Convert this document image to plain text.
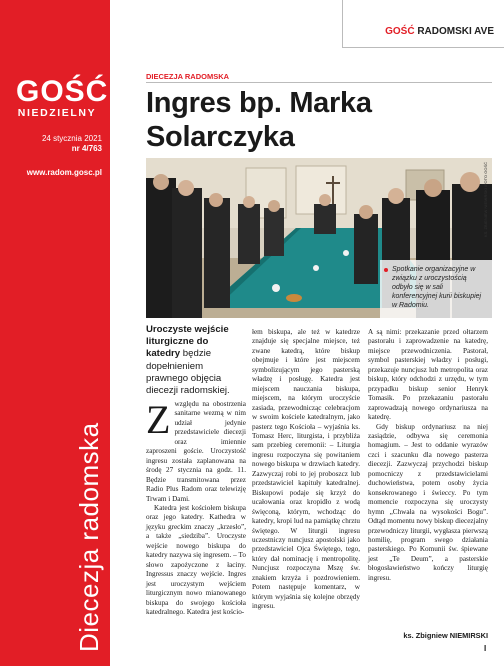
GOŚĆ
NIEDZIELNY
24 stycznia 2021
nr 4/763
www.radom.gosc.pl
Diecezja radomska
GOŚĆ RADOMSKI AVE
DIECEZJA RADOMSKA
Ingres bp. Marka Solarczyka
KS. ZBIGNIEW NIEMIRSKI /FOTO GOŚĆ
Spotkanie organizacyjne w związku z uroczystością odbyło się w sali konferencyjnej kurii biskupiej w Radomiu.
Uroczyste wejście liturgiczne do katedry będzie dopełnieniem prawnego objęcia diecezji radomskiej.

Zwzględu na obostrzenia sanitarne wezmą w nim udział jedynie przedstawiciele diecezji oraz imiennie zaproszeni goście. Uroczystość ingresu została zaplanowana na środę 27 stycznia na godz. 11. Będzie transmitowana przez Radio Plus Radom oraz telewizję Trwam i Dami.

Katedra jest kościołem biskupa oraz jego katedry. Kathedra w języku greckim znaczy „krzesło”, a także „siedziba”. Uroczyste wejście nowego biskupa do katedry nazywa się ingresem. – To słowo zapożyczone z łaciny. Ingressus znaczy wejście. Ingres jest uroczystym wejściem liturgicznym nowo mianowanego biskupa do swojego kościoła katedralnego. Katedra jest kościo-

łem biskupa, ale też w katedrze znajduje się specjalne miejsce, też zwane katedrą, które biskup obejmuje i które jest miejscem symbolizującym jego pasterską władzę i posługę. Katedra jest miejscem nauczania biskupa, miejscem, na którym uroczyście zasiada, przewodnicząc celebracjom w swoim kościele katedralnym, jako pasterz tego Kościoła – wyjaśnia ks. Tomasz Herc, liturgista, i przybliża sam przebieg ceremonii: – Liturgia ingresu rozpoczyna się powitaniem nowego biskupa w drzwiach katedry. Zazwyczaj robi to jej proboszcz lub przedstawiciel kapituły katedralnej. Biskupowi podaje się krzyż do ucałowania oraz kropidło z wodą święconą, którym, wchodząc do katedry, kropi lud na pamiątkę chrztu świętego. W liturgii ingresu uczestniczy nuncjusz apostolski jako przedstawiciel Ojca Świętego, tego, który dał nominację i mentropolitę. Nuncjusz rozpoczyna Mszę św. znakiem krzyża i pozdrowieniem. Potem następuje komentarz, w którym wyjaśnia się kolejne obrzędy ingresu.

A są nimi: przekazanie przed ołtarzem pastorału i zaprowadzenie na katedrę, miejsce przewodniczenia. Pastorał, symbol pasterskiej władzy i posługi, przekazuje nuncjusz lub metropolita oraz biskup, który odchodzi z urzędu, w tym przypadku biskup senior Henryk Tomasik. Po przekazaniu pastorału zaprowadzają nowego ordynariusza na katedrę.

Gdy biskup ordynariusz na niej zasiądzie, odbywa się ceremonia homagium. – Jest to oddanie wyrazów czci i szacunku dla nowego pasterza diecezji. Zazwyczaj przychodzi biskup pomocniczy z przedstawicielami duchowieństwa, potem osoby życia konsekrowanego i świeccy. Po tym momencie rozpoczyna się uroczysty hymn „Chwała na wysokości Bogu”. Odtąd momentu nowy biskup diecezjalny przewodniczy liturgii, wygłasza pierwszą homilię, program swego działania pasterskiego. Po Komunii św. śpiewane jest „Te Deum”, a pasterskie błogosławieństwo kończy liturgię ingresu.

ks. Zbigniew NIEMIRSKI
I
